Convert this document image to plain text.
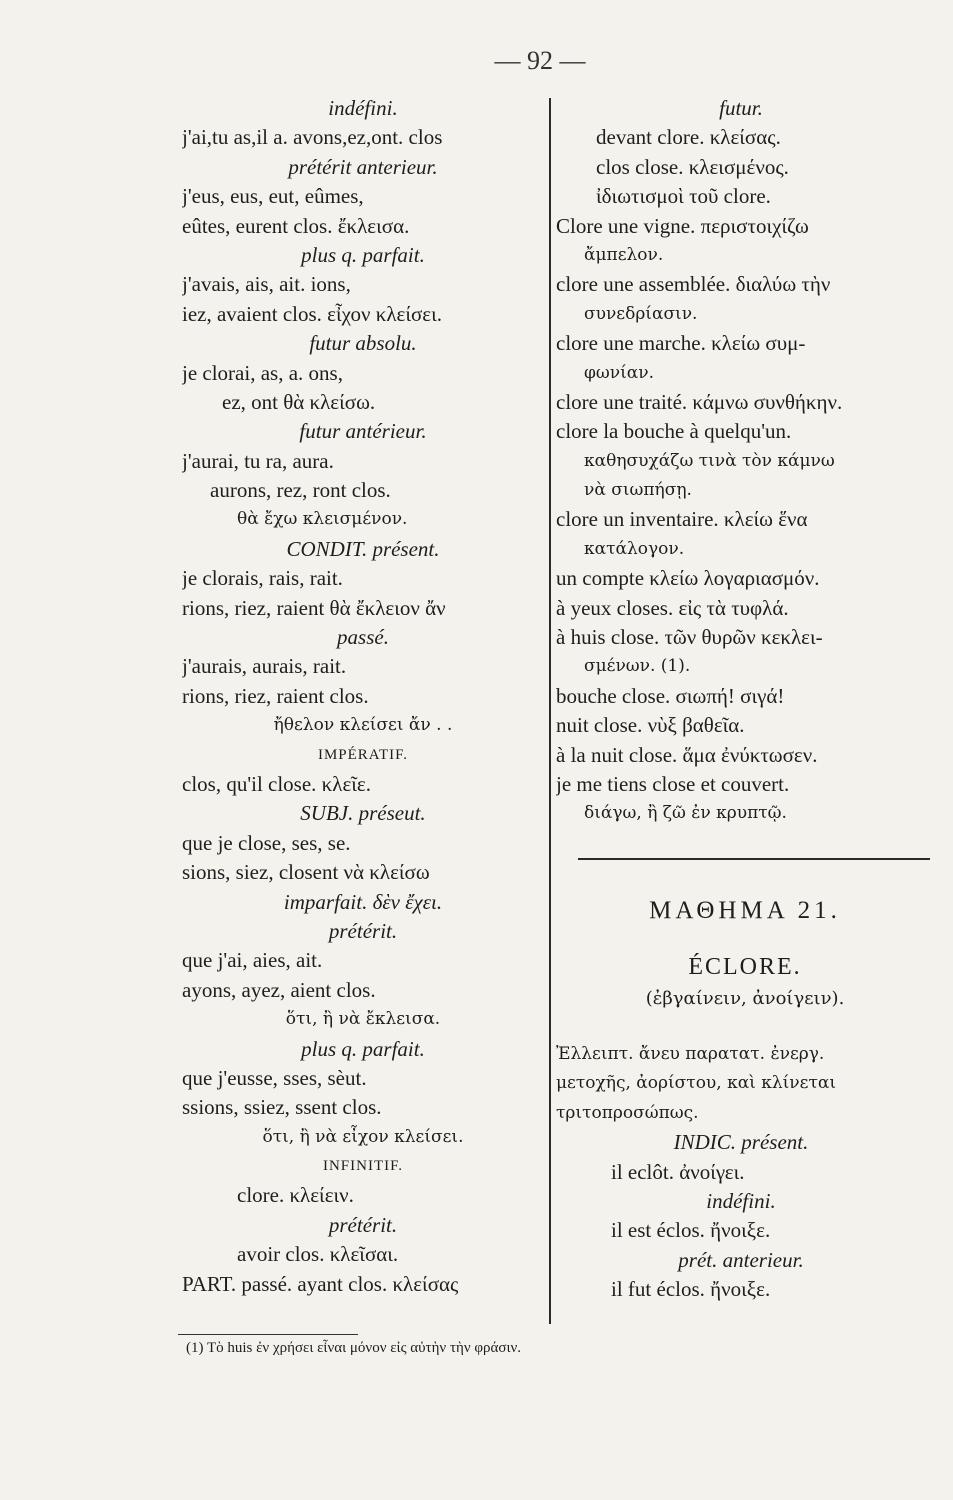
— 92 —
indéfini.
j'ai,tu as,il a. avons,ez,ont. clos
prétérit anterieur.
j'eus, eus, eut, eûmes,
eûtes, eurent clos. ἔκλεισα.
plus q. parfait.
j'avais, ais, ait. ions,
iez, avaient clos. εἶχον κλείσει.
futur absolu.
je clorai, as, a. ons,
ez, ont θὰ κλείσω.
futur antérieur.
j'aurai, tu ra, aura.
aurons, rez, ront clos.
θὰ ἔχω κλεισμένον.
CONDIT. présent.
je clorais, rais, rait.
rions, riez, raient θὰ ἔκλειον ἄν
passé.
j'aurais, aurais, rait.
rions, riez, raient clos.
ἤθελον κλείσει ἄν . .
IMPÉRATIF.
clos, qu'il close. κλεῖε.
SUBJ. préseut.
que je close, ses, se.
sions, siez, closent νὰ κλείσω
imparfait. δὲν ἔχει.
prétérit.
que j'ai, aies, ait.
ayons, ayez, aient clos.
ὅτι, ἢ νὰ ἔκλεισα.
plus q. parfait.
que j'eusse, sses, sèut.
ssions, ssiez, ssent clos.
ὅτι, ἢ νὰ εἶχον κλείσει.
INFINITIF.
clore. κλείειν.
prétérit.
avoir clos. κλεῖσαι.
PART. passé. ayant clos. κλείσας
futur.
devant clore. κλείσας.
clos close. κλεισμένος.
ἰδιωτισμοὶ τοῦ clore.
Clore une vigne. περιστοιχίζω
ἄμπελον.
clore une assemblée. διαλύω τὴν
συνεδρίασιν.
clore une marche. κλείω συμ-
φωνίαν.
clore une traité. κάμνω συνθήκην.
clore la bouche à quelqu'un.
καθησυχάζω τινὰ τὸν κάμνω
νὰ σιωπήσῃ.
clore un inventaire. κλείω ἕνα
κατάλογον.
un compte κλείω λογαριασμόν.
à yeux closes. εἰς τὰ τυφλά.
à huis close. τῶν θυρῶν κεκλει-
σμένων. (1).
bouche close. σιωπή! σιγά!
nuit close. νὺξ βαθεῖα.
à la nuit close. ἅμα ἐνύκτωσεν.
je me tiens close et couvert.
διάγω, ἢ ζῶ ἐν κρυπτῷ.
ΜΑΘΗΜΑ 21.
ÉCLORE.
(ἐβγαίνειν, ἀνοίγειν).
Ἐλλειπτ. ἄνευ παρατατ. ἐνεργ.
μετοχῆς, ἀορίστου, καὶ κλίνεται
τριτοπροσώπως.
INDIC. présent.
il eclôt. ἀνοίγει.
indéfini.
il est éclos. ἤνοιξε.
prét. anterieur.
il fut éclos. ἤνοιξε.
(1) Τὸ huis ἐν χρήσει εἶναι μόνον εἰς αὐτὴν τὴν φράσιν.
